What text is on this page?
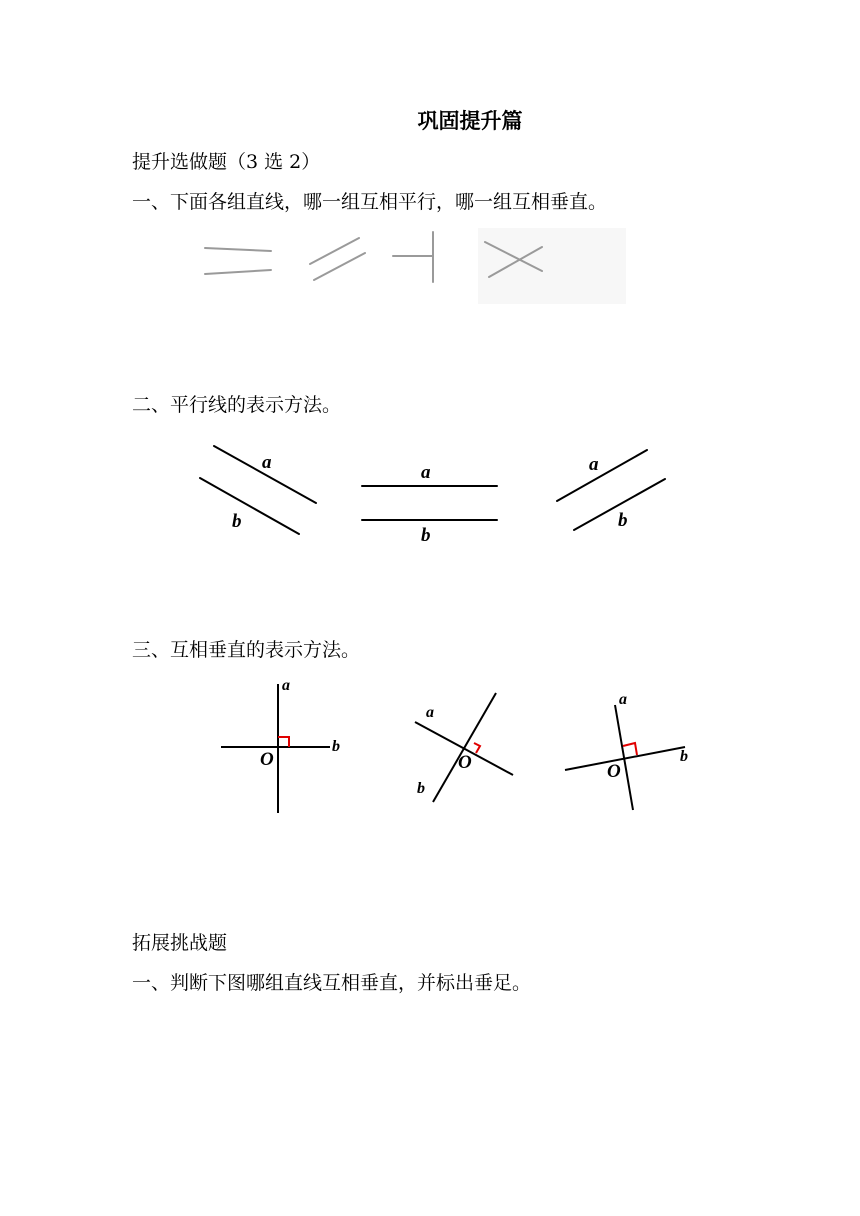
巩固提升篇
提升选做题（3 选 2）
一、下面各组直线，哪一组互相平行，哪一组互相垂直。
二、平行线的表示方法。
三、互相垂直的表示方法。
拓展挑战题
一、判断下图哪组直线互相垂直，并标出垂足。
a
b
a
b
a
b
a
b
O
a
b
O
a
b
O
